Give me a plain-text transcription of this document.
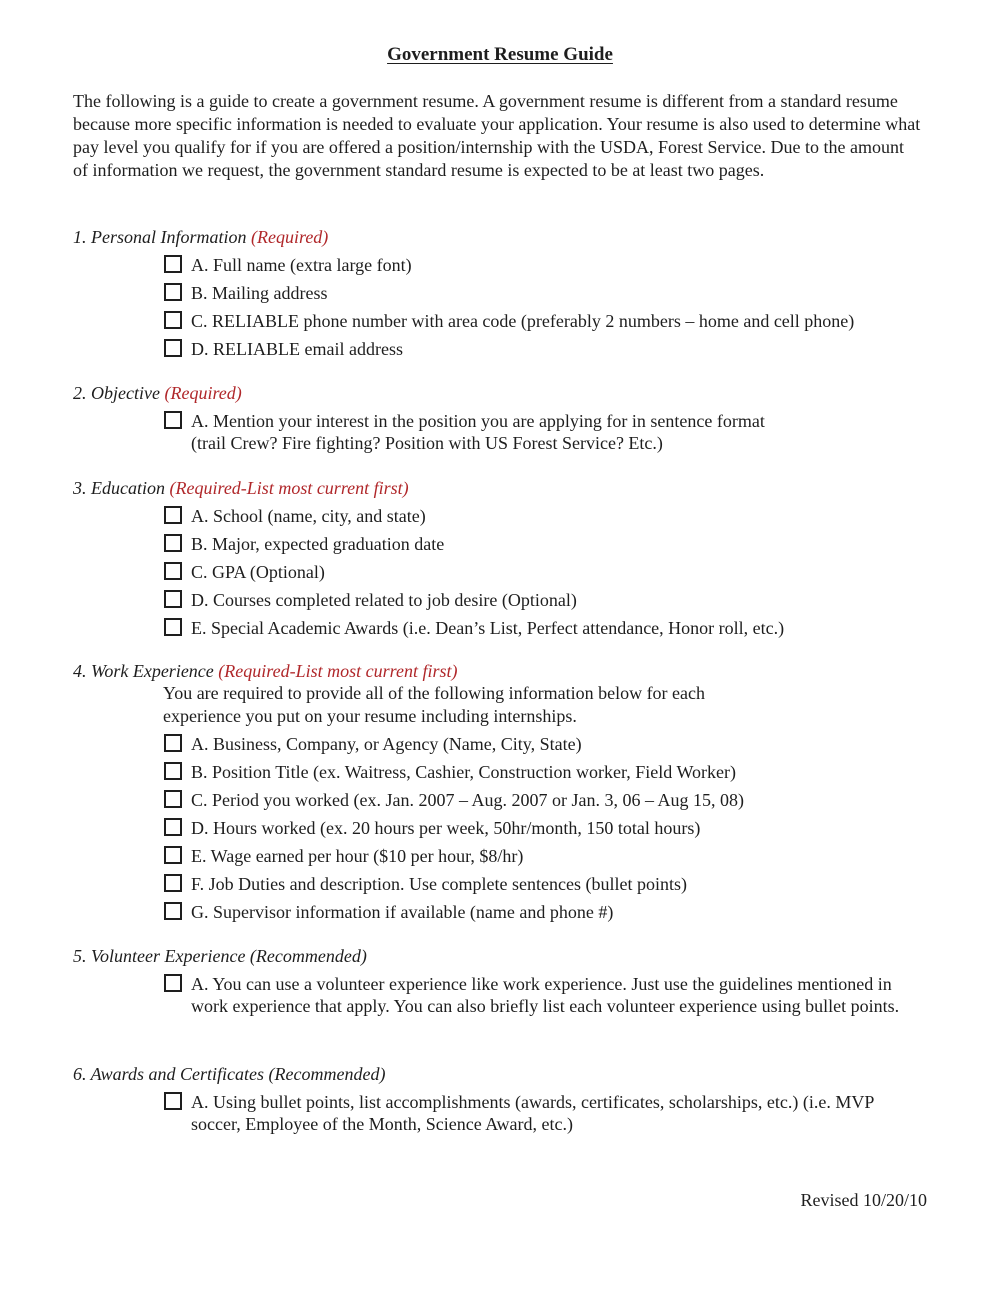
Government Resume Guide

The following is a guide to create a government resume. A government resume is different from a standard resume because more specific information is needed to evaluate your application. Your resume is also used to determine what pay level you qualify for if you are offered a position/internship with the USDA, Forest Service. Due to the amount of information we request, the government standard resume is expected to be at least two pages.

1. Personal Information (Required)

A. Full name (extra large font)
B. Mailing address
C. RELIABLE phone number with area code (preferably 2 numbers – home and cell phone)
D. RELIABLE email address

2. Objective (Required)

A. Mention your interest in the position you are applying for in sentence format (trail Crew? Fire fighting? Position with US Forest Service? Etc.)

3. Education (Required-List most current first)

A. School (name, city, and state)
B. Major, expected graduation date
C. GPA (Optional)
D. Courses completed related to job desire (Optional)
E. Special Academic Awards (i.e. Dean’s List, Perfect attendance, Honor roll, etc.)

4. Work Experience (Required-List most current first)

You are required to provide all of the following information below for each experience you put on your resume including internships.

A. Business, Company, or Agency (Name, City, State)
B. Position Title (ex. Waitress, Cashier, Construction worker, Field Worker)
C. Period you worked (ex. Jan. 2007 – Aug. 2007 or Jan. 3, 06 – Aug 15, 08)
D. Hours worked (ex. 20 hours per week, 50hr/month, 150 total hours)
E. Wage earned per hour ($10 per hour, $8/hr)
F. Job Duties and description. Use complete sentences (bullet points)
G. Supervisor information if available (name and phone #)

5. Volunteer Experience (Recommended)

A. You can use a volunteer experience like work experience. Just use the guidelines mentioned in work experience that apply. You can also briefly list each volunteer experience using bullet points.

6. Awards and Certificates (Recommended)

A. Using bullet points, list accomplishments (awards, certificates, scholarships, etc.) (i.e. MVP soccer, Employee of the Month, Science Award, etc.)
Revised 10/20/10
